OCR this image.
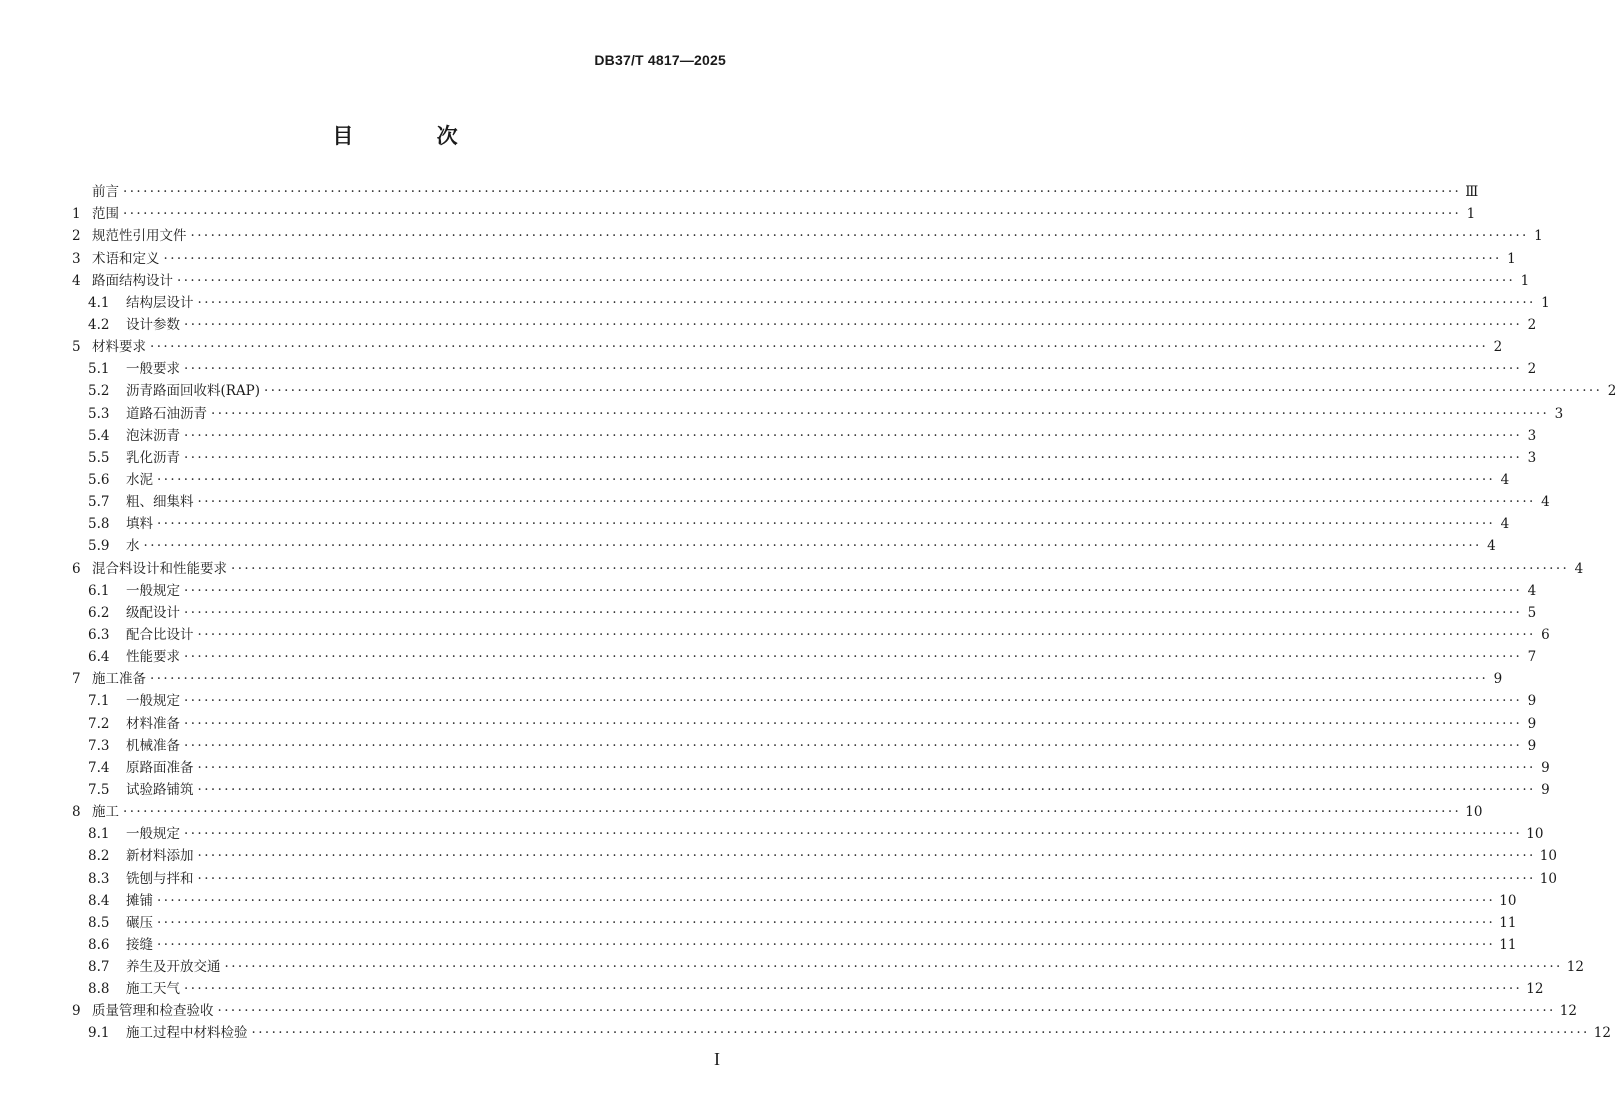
DB37/T 4817—2025
目 次
前言 ········································································································································································································ Ⅲ
1 范围 ········································································································································································································ 1
2 规范性引用文件 ········································································································································································································ 1
3 术语和定义 ········································································································································································································ 1
4 路面结构设计 ········································································································································································································ 1
4.1	结构层设计 ········································································································································································································ 1
4.2	设计参数 ········································································································································································································ 2
5 材料要求 ········································································································································································································ 2
5.1	一般要求 ········································································································································································································ 2
5.2	沥青路面回收料(RAP) ········································································································································································································ 2
5.3	道路石油沥青 ········································································································································································································ 3
5.4	泡沫沥青 ········································································································································································································ 3
5.5	乳化沥青 ········································································································································································································ 3
5.6	水泥 ········································································································································································································ 4
5.7	粗、细集料 ········································································································································································································ 4
5.8	填料 ········································································································································································································ 4
5.9	水 ········································································································································································································ 4
6 混合料设计和性能要求 ········································································································································································································ 4
6.1	一般规定 ········································································································································································································ 4
6.2	级配设计 ········································································································································································································ 5
6.3	配合比设计 ········································································································································································································ 6
6.4	性能要求 ········································································································································································································ 7
7 施工准备 ········································································································································································································ 9
7.1	一般规定 ········································································································································································································ 9
7.2	材料准备 ········································································································································································································ 9
7.3	机械准备 ········································································································································································································ 9
7.4	原路面准备 ········································································································································································································ 9
7.5	试验路铺筑 ········································································································································································································ 9
8 施工 ········································································································································································································ 10
8.1	一般规定 ········································································································································································································ 10
8.2	新材料添加 ········································································································································································································ 10
8.3	铣刨与拌和 ········································································································································································································ 10
8.4	摊铺 ········································································································································································································ 10
8.5	碾压 ········································································································································································································ 11
8.6	接缝 ········································································································································································································ 11
8.7	养生及开放交通 ········································································································································································································ 12
8.8	施工天气 ········································································································································································································ 12
9 质量管理和检查验收 ········································································································································································································ 12
9.1	施工过程中材料检验 ········································································································································································································ 12
I
